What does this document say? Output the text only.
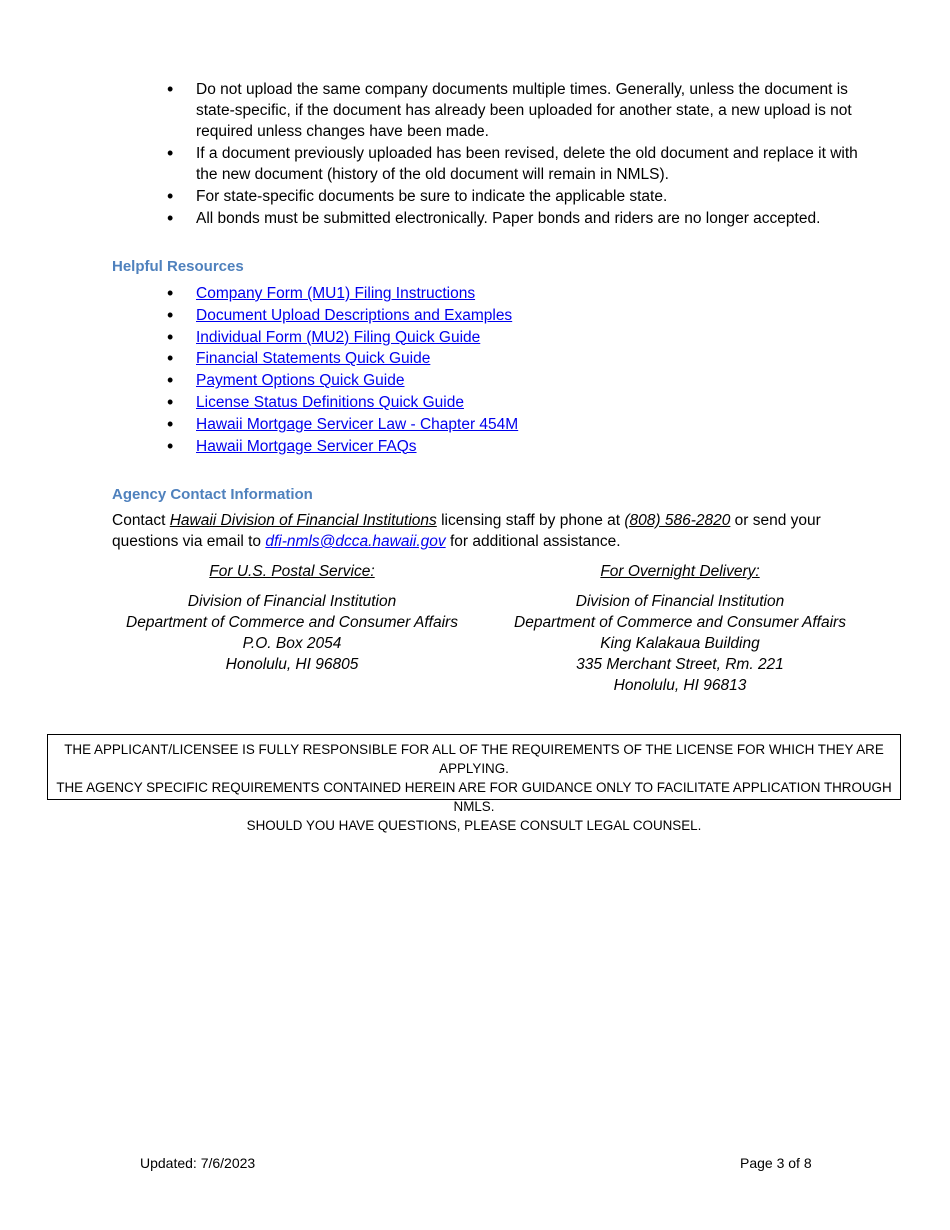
• Do not upload the same company documents multiple times. Generally, unless the document is state-specific, if the document has already been uploaded for another state, a new upload is not required unless changes have been made.
• If a document previously uploaded has been revised, delete the old document and replace it with the new document (history of the old document will remain in NMLS).
• For state-specific documents be sure to indicate the applicable state.
• All bonds must be submitted electronically. Paper bonds and riders are no longer accepted.
Helpful Resources
• Company Form (MU1) Filing Instructions
• Document Upload Descriptions and Examples
• Individual Form (MU2) Filing Quick Guide
• Financial Statements Quick Guide
• Payment Options Quick Guide
• License Status Definitions Quick Guide
• Hawaii Mortgage Servicer Law - Chapter 454M
• Hawaii Mortgage Servicer FAQs
Agency Contact Information
Contact Hawaii Division of Financial Institutions licensing staff by phone at (808) 586-2820 or send your questions via email to dfi-nmls@dcca.hawaii.gov for additional assistance.
For U.S. Postal Service:
Division of Financial Institution
Department of Commerce and Consumer Affairs
P.O. Box 2054
Honolulu, HI 96805
For Overnight Delivery:
Division of Financial Institution
Department of Commerce and Consumer Affairs
King Kalakaua Building
335 Merchant Street, Rm. 221
Honolulu, HI 96813
THE APPLICANT/LICENSEE IS FULLY RESPONSIBLE FOR ALL OF THE REQUIREMENTS OF THE LICENSE FOR WHICH THEY ARE APPLYING.
THE AGENCY SPECIFIC REQUIREMENTS CONTAINED HEREIN ARE FOR GUIDANCE ONLY TO FACILITATE APPLICATION THROUGH NMLS.
SHOULD YOU HAVE QUESTIONS, PLEASE CONSULT LEGAL COUNSEL.
Updated: 7/6/2023	Page 3 of 8
